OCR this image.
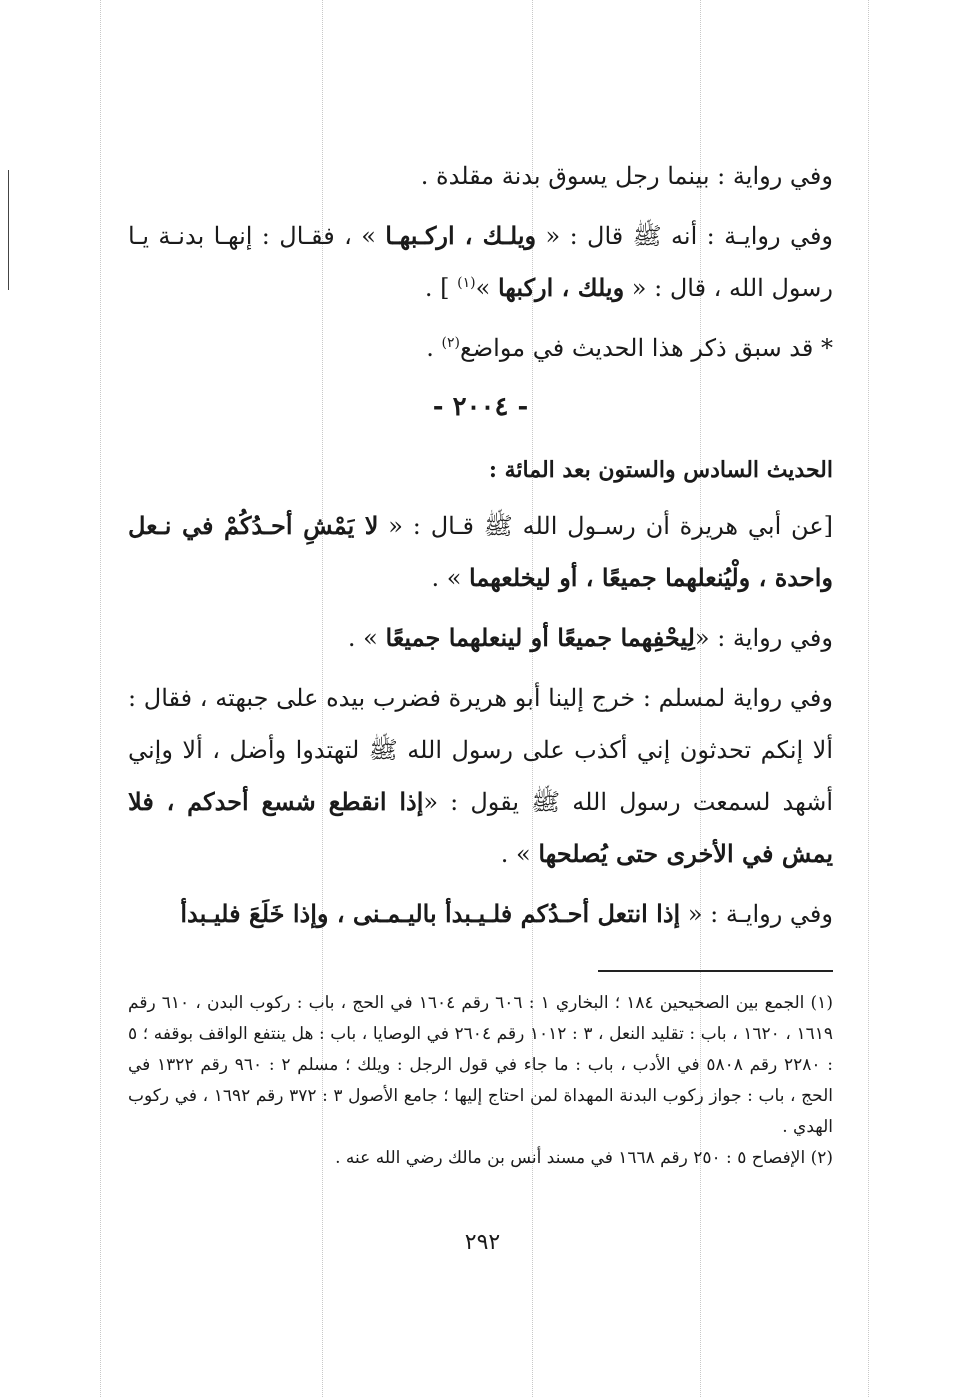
وفي رواية : بينما رجل يسوق بدنة مقلدة .

وفي روايـة : أنه ﷺ قال : « ويلـك ، اركـبهـا » ، فقـال : إنهـا بدنـة يـا رسول الله ، قال : « ويلك ، اركبها »$^{(١)}$ ] .

* قد سبق ذكر هذا الحديث في مواضع$^{(٢)}$ .

- ٢٠٠٤ -
الحديث السادس والستون بعد المائة :

[عن أبي هريرة أن رسـول الله ﷺ قـال : « لا يَمْشِ أحـدُكُمْ في نـعل واحدة ، ولْيُنعلهما جميعًا ، أو ليخلعهما » .

وفي رواية : «لِيحْفِهما جميعًا أو لينعلهما جميعًا » .

وفي رواية لمسلم : خرج إلينا أبو هريرة فضرب بيده على جبهته ، فقال : ألا إنكم تحدثون إني أكذب على رسول الله ﷺ لتهتدوا وأضل ، ألا وإني أشهد لسمعت رسول الله ﷺ يقول : «إذا انقطع شسع أحدكم ، فلا يمش في الأخرى حتى يُصلحها » .

وفي روايـة : « إذا انتعل أحـدُكم فلـيـبدأ باليـمـنى ، وإذا خَلَعَ فليـبدأ

(١) الجمع بين الصحيحين ١٨٤ ؛ البخاري ١ : ٦٠٦ رقم ١٦٠٤ في الحج ، باب : ركوب البدن ، ٦١٠ رقم ١٦١٩ ، ١٦٢٠ ، باب : تقليد النعل ، ٣ : ١٠١٢ رقم ٢٦٠٤ في الوصايا ، باب : هل ينتفع الواقف بوقفه ؛ ٥ : ٢٢٨٠ رقم ٥٨٠٨ في الأدب ، باب : ما جاء في قول الرجل : ويلك ؛ مسلم ٢ : ٩٦٠ رقم ١٣٢٢ في الحج ، باب : جواز ركوب البدنة المهداة لمن احتاج إليها ؛ جامع الأصول ٣ : ٣٧٢ رقم ١٦٩٢ ، في ركوب الهدي .

(٢) الإفصاح ٥ : ٢٥٠ رقم ١٦٦٨ في مسند أنس بن مالك رضي الله عنه .

٢٩٢
